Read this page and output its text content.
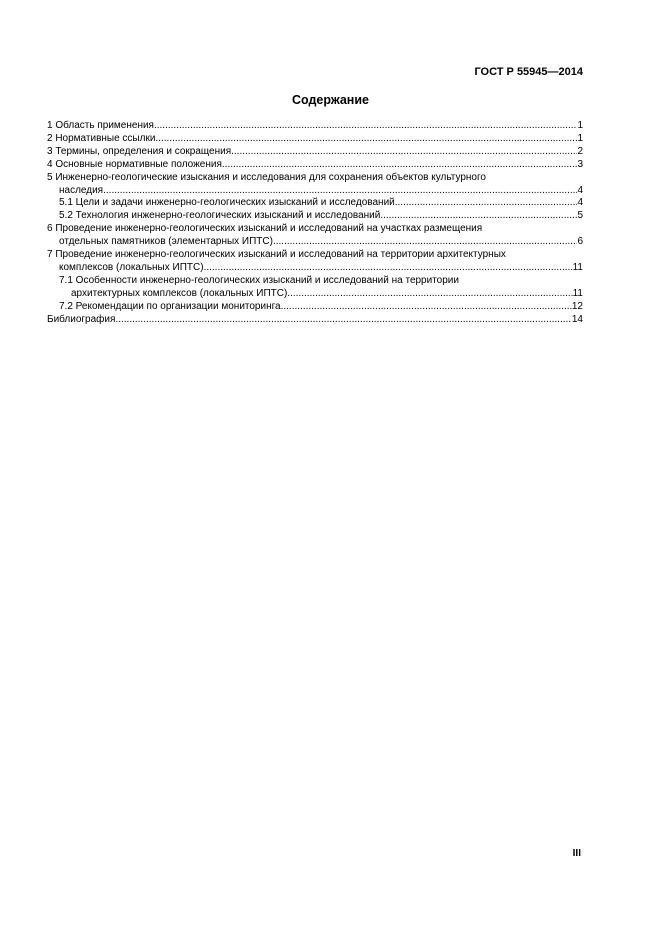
ГОСТ Р 55945—2014
Содержание
1 Область применения .....	1
2 Нормативные ссылки .....	1
3 Термины, определения и сокращения .....	2
4 Основные нормативные положения .....	3
5 Инженерно-геологические изыскания и исследования для сохранения объектов культурного
наследия .....	4
5.1 Цели и задачи инженерно-геологических изысканий и исследований .....	4
5.2 Технология инженерно-геологических изысканий и исследований .....	5
6 Проведение инженерно-геологических изысканий и исследований на участках размещения
отдельных памятников (элементарных ИПТС) .....	6
7 Проведение инженерно-геологических изысканий и исследований на территории архитектурных
комплексов (локальных ИПТС) .....	11
7.1 Особенности инженерно-геологических изысканий и исследований на территории
архитектурных комплексов (локальных ИПТС) .....	11
7.2 Рекомендации по организации мониторинга .....	12
Библиография .....	14
III
